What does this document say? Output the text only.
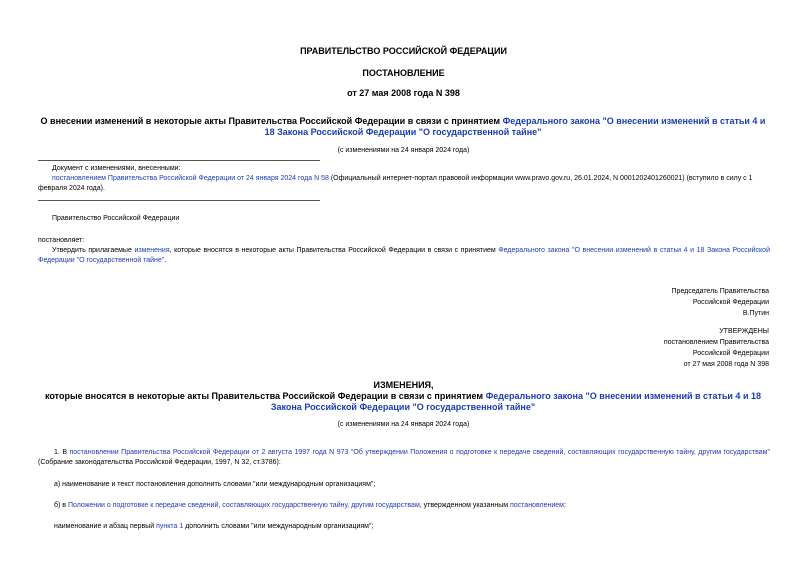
ПРАВИТЕЛЬСТВО РОССИЙСКОЙ ФЕДЕРАЦИИ
ПОСТАНОВЛЕНИЕ
от 27 мая 2008 года N 398
О внесении изменений в некоторые акты Правительства Российской Федерации в связи с принятием Федерального закона "О внесении изменений в статьи 4 и 18 Закона Российской Федерации "О государственной тайне"
(с изменениями на 24 января 2024 года)
Документ с изменениями, внесенными:
постановлением Правительства Российской Федерации от 24 января 2024 года N 58 (Официальный интернет-портал правовой информации www.pravo.gov.ru, 26.01.2024, N 0001202401260021) (вступило в силу с 1 февраля 2024 года).
Правительство Российской Федерации
постановляет:
Утвердить прилагаемые изменения, которые вносятся в некоторые акты Правительства Российской Федерации в связи с принятием Федерального закона "О внесении изменений в статьи 4 и 18 Закона Российской Федерации "О государственной тайне".
Председатель Правительства
Российской Федерации
В.Путин
УТВЕРЖДЕНЫ
постановлением Правительства
Российской Федерации
от 27 мая 2008 года N 398
ИЗМЕНЕНИЯ,
которые вносятся в некоторые акты Правительства Российской Федерации в связи с принятием Федерального закона "О внесении изменений в статьи 4 и 18 Закона Российской Федерации "О государственной тайне"
(с изменениями на 24 января 2024 года)
1. В постановлении Правительства Российской Федерации от 2 августа 1997 года N 973 "Об утверждении Положения о подготовке к передаче сведений, составляющих государственную тайну, другим государствам" (Собрание законодательства Российской Федерации, 1997, N 32, ст.3786):
а) наименование и текст постановления дополнить словами "или международным организациям";
б) в Положении о подготовке к передаче сведений, составляющих государственную тайну, другим государствам, утвержденном указанным постановлением:
наименование и абзац первый пункта 1 дополнить словами "или международным организациям";
